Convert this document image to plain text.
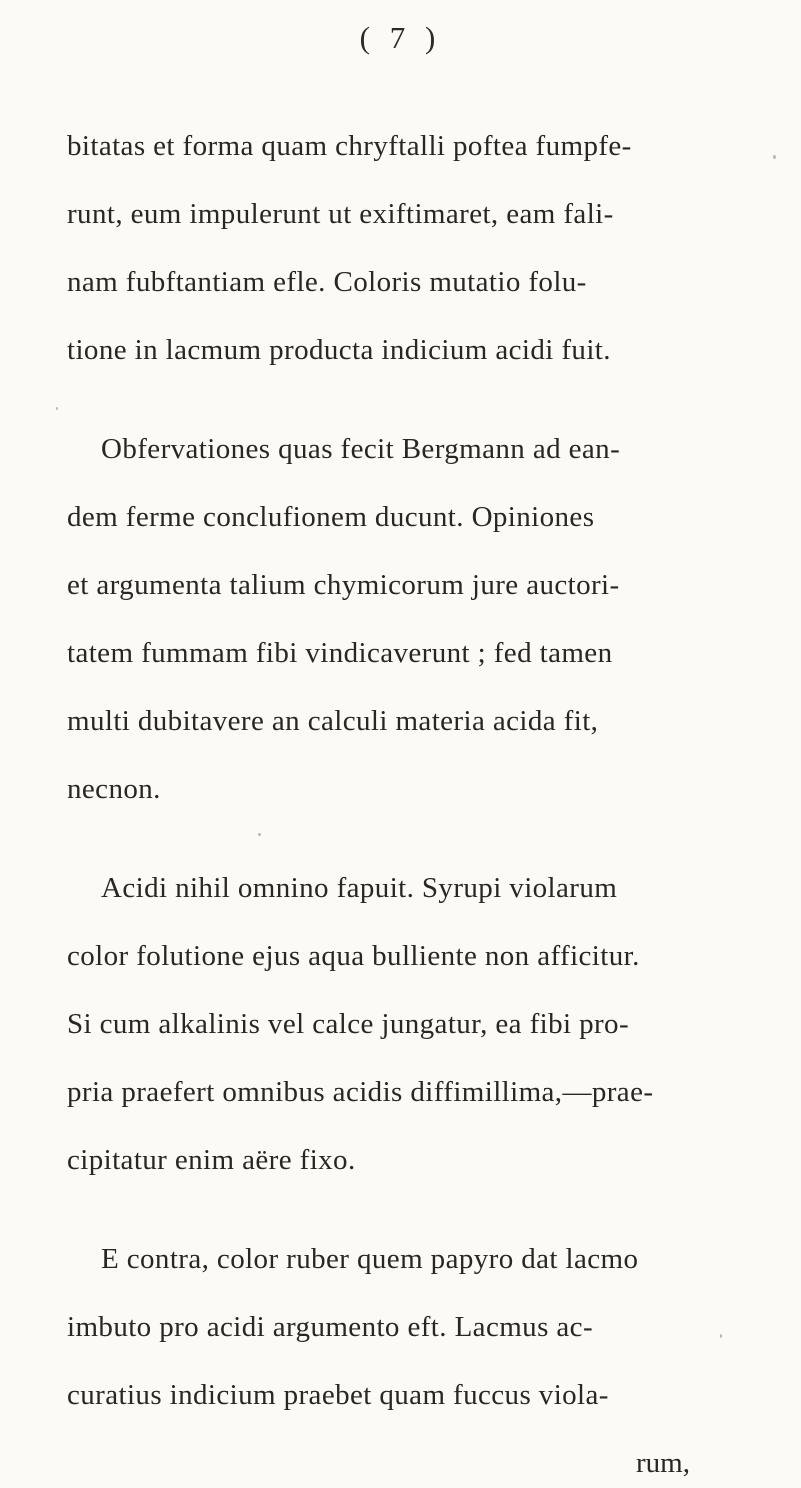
( 7 )
bitatas et forma quam chryftalli poftea fumpfe-
runt, eum impulerunt ut exiftimaret, eam fali-
nam fubftantiam efle. Coloris mutatio folu-
tione in lacmum producta indicium acidi fuit.
Obfervationes quas fecit Bergmann ad ean-
dem ferme conclufionem ducunt. Opiniones
et argumenta talium chymicorum jure auctori-
tatem fummam fibi vindicaverunt ; fed tamen
multi dubitavere an calculi materia acida fit,
necnon.
Acidi nihil omnino fapuit. Syrupi violarum
color folutione ejus aqua bulliente non afficitur.
Si cum alkalinis vel calce jungatur, ea fibi pro-
pria praefert omnibus acidis diffimillima,—prae-
cipitatur enim aëre fixo.
E contra, color ruber quem papyro dat lacmo
imbuto pro acidi argumento eft. Lacmus ac-
curatius indicium praebet quam fuccus viola-
rum,
